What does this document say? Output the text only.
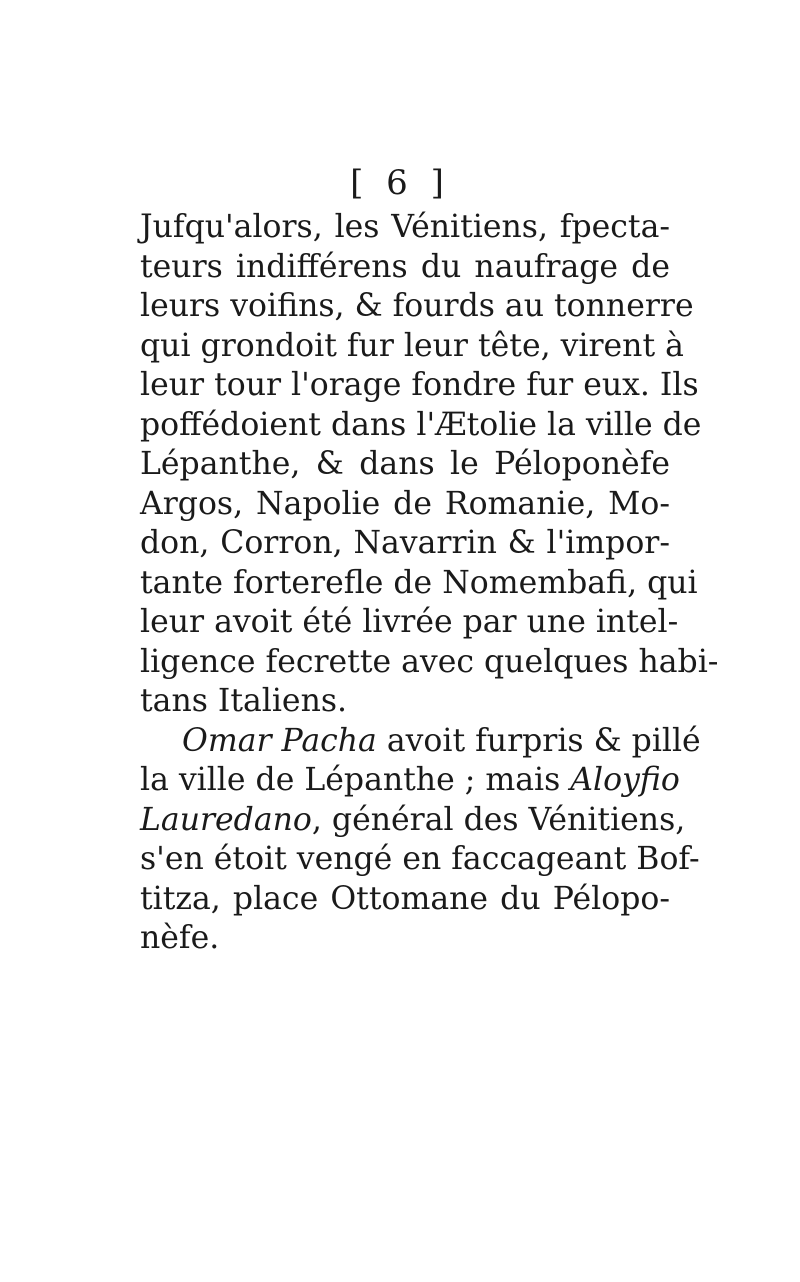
[ 6 ]
Jufqu'alors, les Vénitiens, fpecta-
teurs indifférens du naufrage de
leurs voifins, & fourds au tonnerre
qui grondoit fur leur tête, virent à
leur tour l'orage fondre fur eux. Ils
poffédoient dans l'Ætolie la ville de
Lépanthe, & dans le Péloponèfe
Argos, Napolie de Romanie, Mo-
don, Corron, Navarrin & l'impor-
tante forterefle de Nomembafi, qui
leur avoit été livrée par une intel-
ligence fecrette avec quelques habi-
tans Italiens.
Omar Pacha avoit furpris & pillé
la ville de Lépanthe ; mais Aloyfio
Lauredano, général des Vénitiens,
s'en étoit vengé en faccageant Bof-
titza, place Ottomane du Pélopo-
nèfe.
